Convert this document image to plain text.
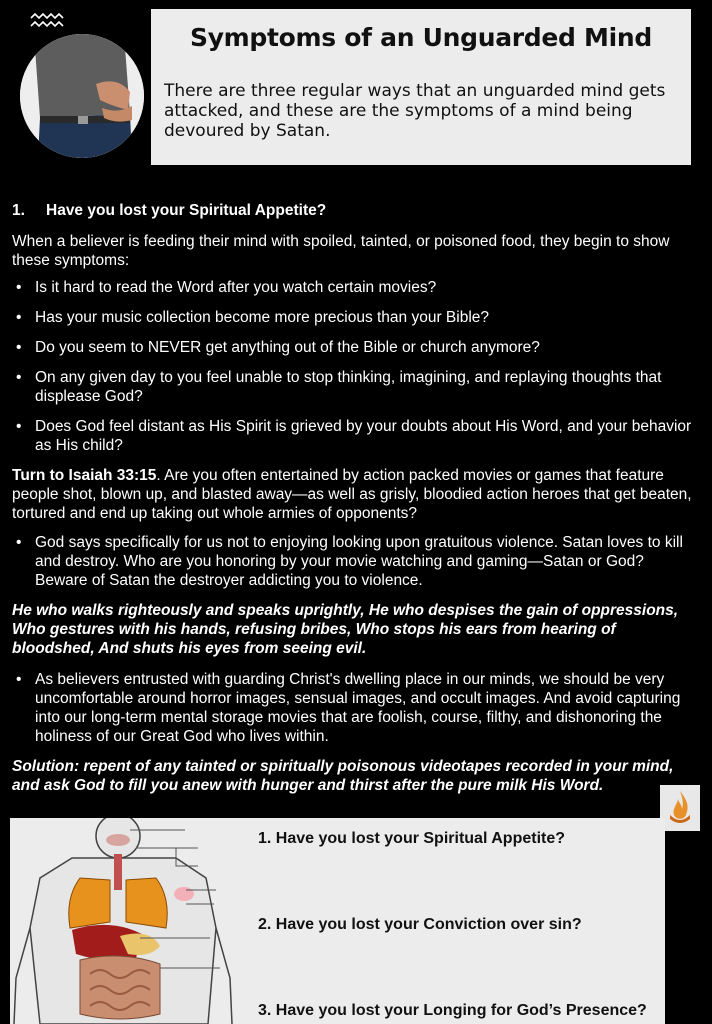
Symptoms of an Unguarded Mind

There are three regular ways that an unguarded mind gets attacked, and these are the symptoms of a mind being devoured by Satan.

1. Have you lost your Spiritual Appetite?

When a believer is feeding their mind with spoiled, tainted, or poisoned food, they begin to show these symptoms:

• Is it hard to read the Word after you watch certain movies?
• Has your music collection become more precious than your Bible?
• Do you seem to NEVER get anything out of the Bible or church anymore?
• On any given day to you feel unable to stop thinking, imagining, and replaying thoughts that displease God?
• Does God feel distant as His Spirit is grieved by your doubts about His Word, and your behavior as His child?

Turn to Isaiah 33:15. Are you often entertained by action packed movies or games that feature people shot, blown up, and blasted away—as well as grisly, bloodied action heroes that get beaten, tortured and end up taking out whole armies of opponents?

• God says specifically for us not to enjoying looking upon gratuitous violence. Satan loves to kill and destroy. Who are you honoring by your movie watching and gaming—Satan or God? Beware of Satan the destroyer addicting you to violence.

He who walks righteously and speaks uprightly, He who despises the gain of oppressions, Who gestures with his hands, refusing bribes, Who stops his ears from hearing of bloodshed, And shuts his eyes from seeing evil.

• As believers entrusted with guarding Christ's dwelling place in our minds, we should be very uncomfortable around horror images, sensual images, and occult images. And avoid capturing into our long-term mental storage movies that are foolish, course, filthy, and dishonoring the holiness of our Great God who lives within.

Solution: repent of any tainted or spiritually poisonous videotapes recorded in your mind, and ask God to fill you anew with hunger and thirst after the pure milk His Word.

1. Have you lost your Spiritual Appetite?
2. Have you lost your Conviction over sin?
3. Have you lost your Longing for God’s Presence?
